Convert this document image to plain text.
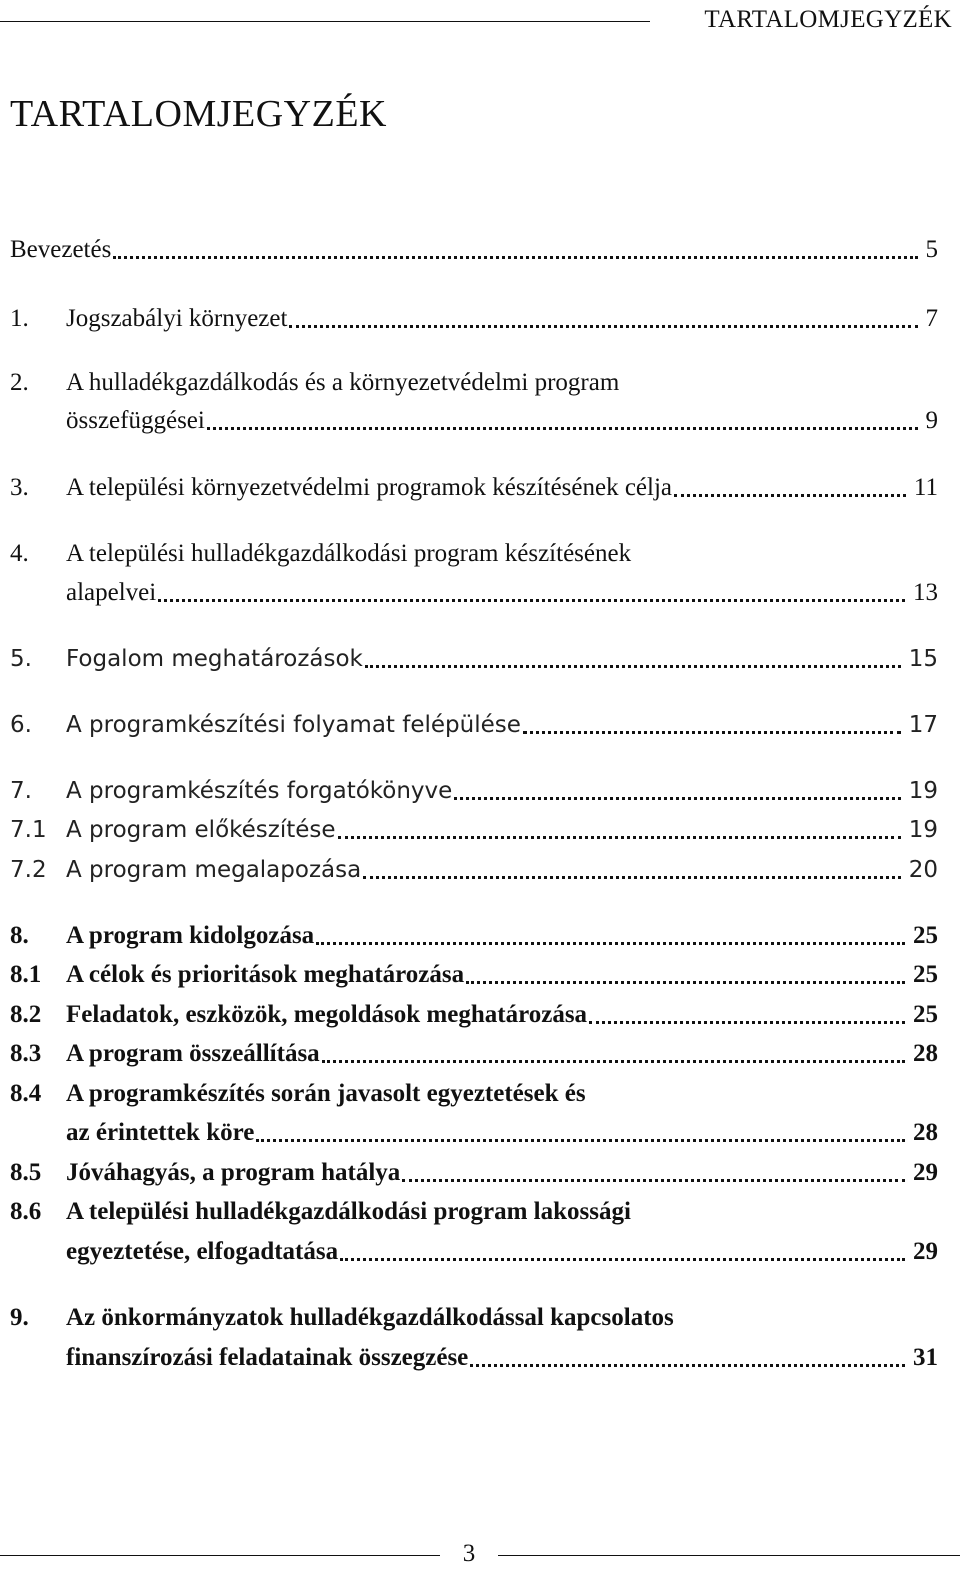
TARTALOMJEGYZÉK
TARTALOMJEGYZÉK
Bevezetés	5
1. Jogszabályi környezet	7
2. A hulladékgazdálkodás és a környezetvédelmi program
összefüggései	9
3. A települési környezetvédelmi programok készítésének célja	11
4. A települési hulladékgazdálkodási program készítésének
alapelvei	13
5. Fogalom meghatározások	15
6. A programkészítési folyamat felépülése	17
7. A programkészítés forgatókönyve	19
7.1 A program előkészítése	19
7.2 A program megalapozása	20
8. A program kidolgozása	25
8.1 A célok és prioritások meghatározása	25
8.2 Feladatok, eszközök, megoldások meghatározása	25
8.3 A program összeállítása	28
8.4 A programkészítés során javasolt egyeztetések és
az érintettek köre	28
8.5 Jóváhagyás, a program hatálya	29
8.6 A települési hulladékgazdálkodási program lakossági
egyeztetése, elfogadtatása	29
9. Az önkormányzatok hulladékgazdálkodással kapcsolatos
finanszírozási feladatainak összegzése	31
3
